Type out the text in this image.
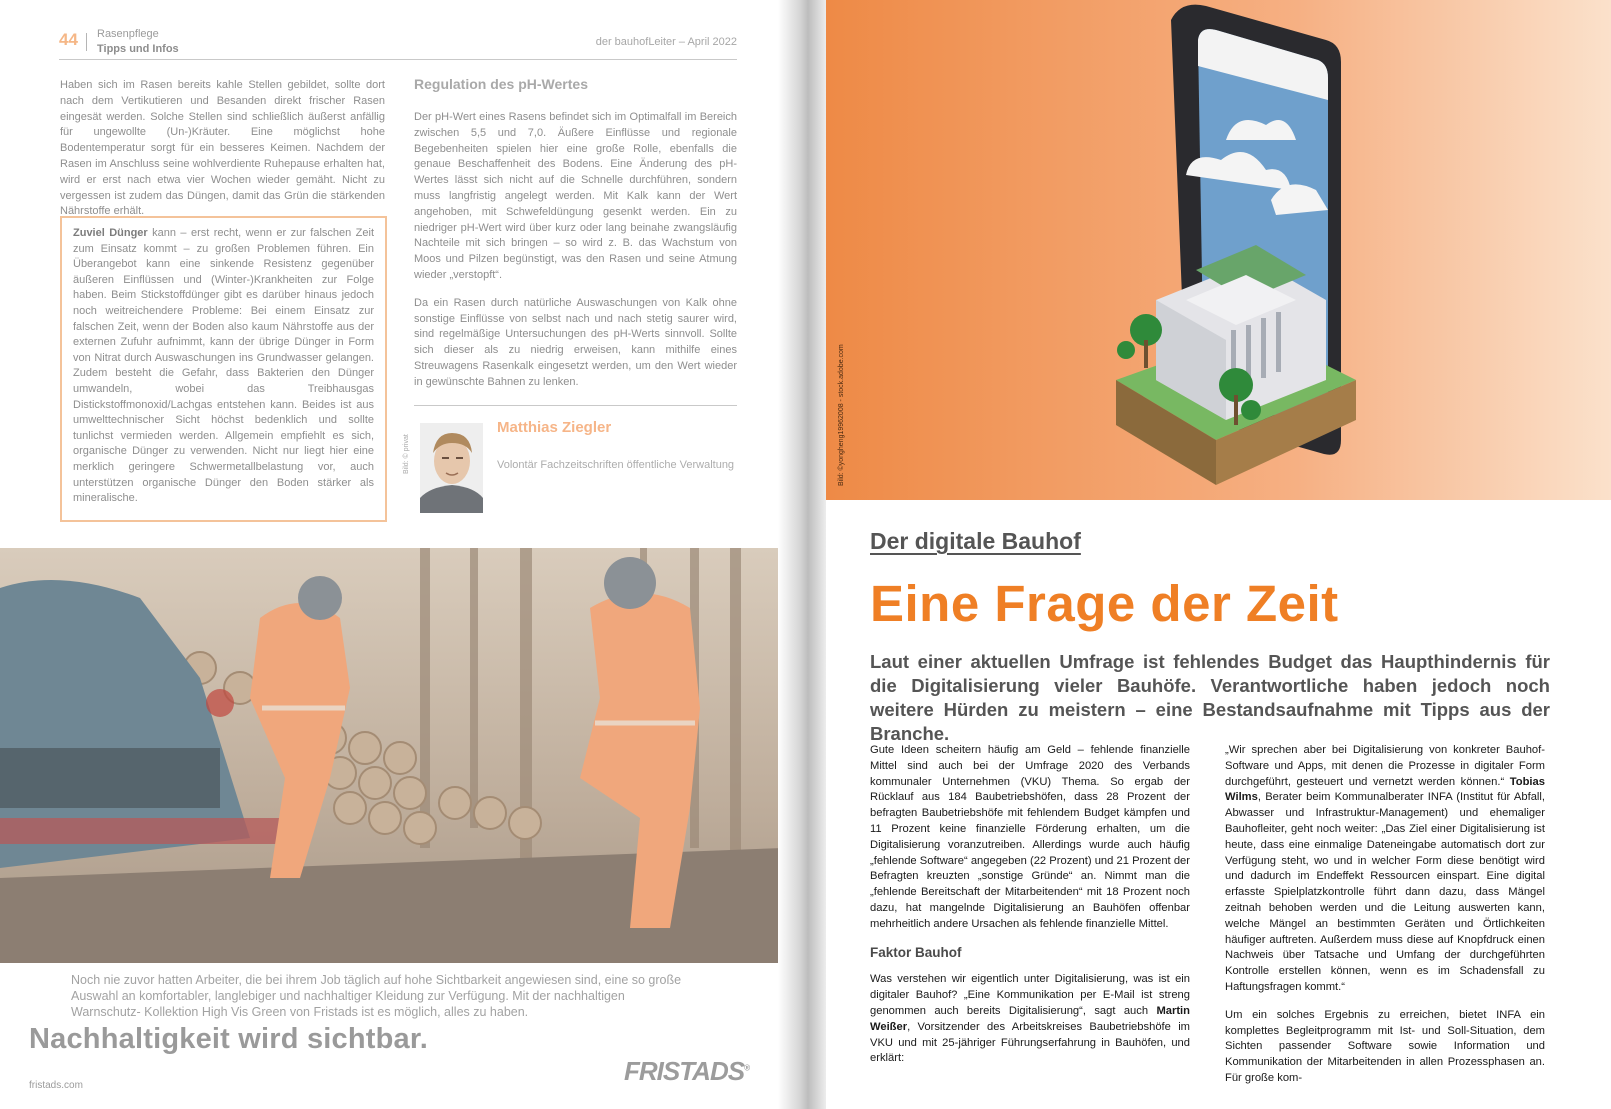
44 Rasenpflege
Tipps und Infos
der bauhofLeiter – April 2022

Haben sich im Rasen bereits kahle Stellen gebildet, sollte dort nach dem Vertikutieren und Besanden direkt frischer Rasen eingesät werden. Solche Stellen sind schließlich äußerst anfällig für ungewollte (Un-)Kräuter. Eine möglichst hohe Bodentemperatur sorgt für ein besseres Keimen. Nachdem der Rasen im Anschluss seine wohlverdiente Ruhepause erhalten hat, wird er erst nach etwa vier Wochen wieder gemäht. Nicht zu vergessen ist zudem das Düngen, damit das Grün die stärkenden Nährstoffe erhält.

Zuviel Dünger kann – erst recht, wenn er zur falschen Zeit zum Einsatz kommt – zu großen Problemen führen. Ein Überangebot kann eine sinkende Resistenz gegenüber äußeren Einflüssen und (Winter-)Krankheiten zur Folge haben. Beim Stickstoffdünger gibt es darüber hinaus jedoch noch weitreichendere Probleme: Bei einem Einsatz zur falschen Zeit, wenn der Boden also kaum Nährstoffe aus der externen Zufuhr aufnimmt, kann der übrige Dünger in Form von Nitrat durch Auswaschungen ins Grundwasser gelangen. Zudem besteht die Gefahr, dass Bakterien den Dünger umwandeln, wobei das Treibhausgas Distickstoffmonoxid/Lachgas entstehen kann. Beides ist aus umwelttechnischer Sicht höchst bedenklich und sollte tunlichst vermieden werden. Allgemein empfiehlt es sich, organische Dünger zu verwenden. Nicht nur liegt hier eine merklich geringere Schwermetallbelastung vor, auch unterstützen organische Dünger den Boden stärker als mineralische.
Regulation des pH-Wertes

Der pH-Wert eines Rasens befindet sich im Optimalfall im Bereich zwischen 5,5 und 7,0. Äußere Einflüsse und regionale Begebenheiten spielen hier eine große Rolle, ebenfalls die genaue Beschaffenheit des Bodens. Eine Änderung des pH-Wertes lässt sich nicht auf die Schnelle durchführen, sondern muss langfristig angelegt werden. Mit Kalk kann der Wert angehoben, mit Schwefeldüngung gesenkt werden. Ein zu niedriger pH-Wert wird über kurz oder lang beinahe zwangsläufig Nachteile mit sich bringen – so wird z. B. das Wachstum von Moos und Pilzen begünstigt, was den Rasen und seine Atmung wieder „verstopft“.

Da ein Rasen durch natürliche Auswaschungen von Kalk ohne sonstige Einflüsse von selbst nach und nach stetig saurer wird, sind regelmäßige Untersuchungen des pH-Werts sinnvoll. Sollte sich dieser als zu niedrig erweisen, kann mithilfe eines Streuwagens Rasenkalk eingesetzt werden, um den Wert wieder in gewünschte Bahnen zu lenken.

Bild: © privat
Matthias Ziegler
Volontär Fachzeitschriften öffentliche Verwaltung
Noch nie zuvor hatten Arbeiter, die bei ihrem Job täglich auf hohe Sichtbarkeit angewiesen sind, eine so große Auswahl an komfortabler, langlebiger und nachhaltiger Kleidung zur Verfügung. Mit der nachhaltigen Warnschutz- Kollektion High Vis Green von Fristads ist es möglich, alles zu haben.
Nachhaltigkeit wird sichtbar.
fristads.com	FRISTADS®
Bild: ©yongheng19962008 - stock.adobe.com
Der digitale Bauhof
Eine Frage der Zeit
Laut einer aktuellen Umfrage ist fehlendes Budget das Haupthindernis für die Digitalisierung vieler Bauhöfe. Verantwortliche haben jedoch noch weitere Hürden zu meistern – eine Bestandsaufnahme mit Tipps aus der Branche.

Gute Ideen scheitern häufig am Geld – fehlende finanzielle Mittel sind auch bei der Umfrage 2020 des Verbands kommunaler Unternehmen (VKU) Thema. So ergab der Rücklauf aus 184 Baubetriebshöfen, dass 28 Prozent der befragten Baubetriebshöfe mit fehlendem Budget kämpfen und 11 Prozent keine finanzielle Förderung erhalten, um die Digitalisierung voranzutreiben. Allerdings wurde auch häufig „fehlende Software“ angegeben (22 Prozent) und 21 Prozent der Befragten kreuzten „sonstige Gründe“ an. Nimmt man die „fehlende Bereitschaft der Mitarbeitenden“ mit 18 Prozent noch dazu, hat mangelnde Digitalisierung an Bauhöfen offenbar mehrheitlich andere Ursachen als fehlende finanzielle Mittel.

Faktor Bauhof

Was verstehen wir eigentlich unter Digitalisierung, was ist ein digitaler Bauhof? „Eine Kommunikation per E-Mail ist streng genommen auch bereits Digitalisierung“, sagt auch Martin Weißer, Vorsitzender des Arbeitskreises Baubetriebshöfe im VKU und mit 25-jähriger Führungserfahrung in Bauhöfen, und erklärt:

„Wir sprechen aber bei Digitalisierung von konkreter Bauhof-Software und Apps, mit denen die Prozesse in digitaler Form durchgeführt, gesteuert und vernetzt werden können.“ Tobias Wilms, Berater beim Kommunalberater INFA (Institut für Abfall, Abwasser und Infrastruktur-Management) und ehemaliger Bauhofleiter, geht noch weiter: „Das Ziel einer Digitalisierung ist heute, dass eine einmalige Dateneingabe automatisch dort zur Verfügung steht, wo und in welcher Form diese benötigt wird und dadurch im Endeffekt Ressourcen einspart. Eine digital erfasste Spielplatzkontrolle führt dann dazu, dass Mängel zeitnah behoben werden und die Leitung auswerten kann, welche Mängel an bestimmten Geräten und Örtlichkeiten häufiger auftreten. Außerdem muss diese auf Knopfdruck einen Nachweis über Tatsache und Umfang der durchgeführten Kontrolle erstellen können, wenn es im Schadensfall zu Haftungsfragen kommt.“

Um ein solches Ergebnis zu erreichen, bietet INFA ein komplettes Begleitprogramm mit Ist- und Soll-Situation, dem Sichten passender Software sowie Information und Kommunikation der Mitarbeitenden in allen Prozessphasen an. Für große kom-
